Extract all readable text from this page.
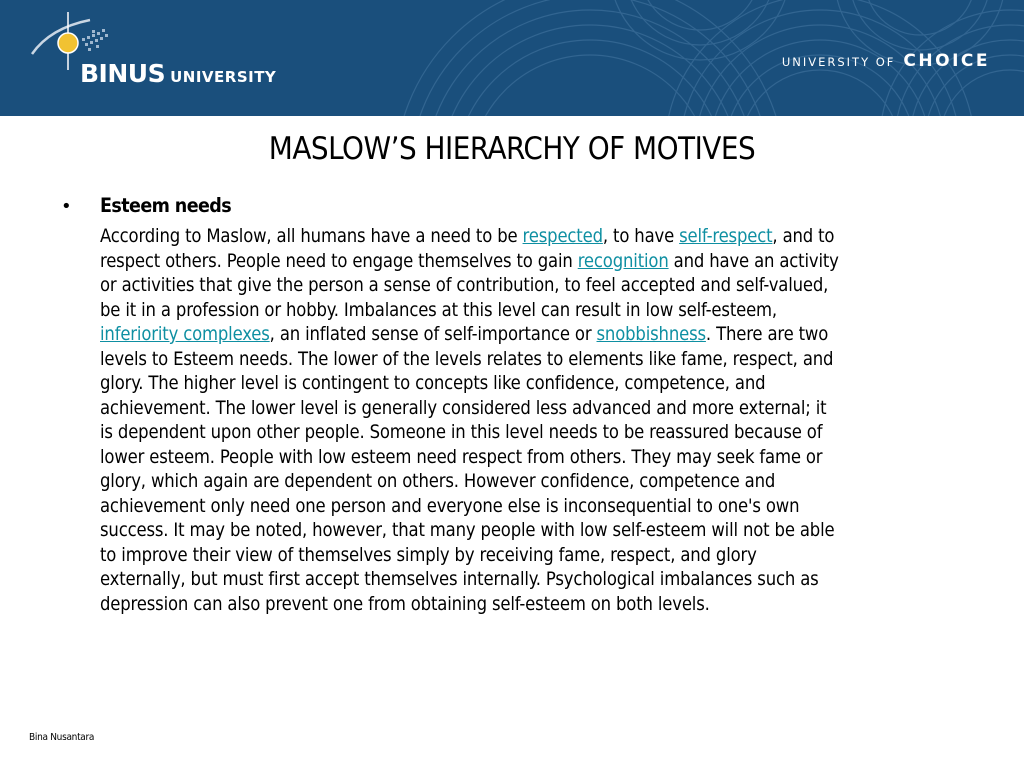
BINUS UNIVERSITY
UNIVERSITY OF CHOICE
MASLOW’S HIERARCHY OF MOTIVES
• Esteem needs
According to Maslow, all humans have a need to be respected, to have self-respect, and to
respect others. People need to engage themselves to gain recognition and have an activity
or activities that give the person a sense of contribution, to feel accepted and self-valued,
be it in a profession or hobby. Imbalances at this level can result in low self-esteem,
inferiority complexes, an inflated sense of self-importance or snobbishness. There are two
levels to Esteem needs. The lower of the levels relates to elements like fame, respect, and
glory. The higher level is contingent to concepts like confidence, competence, and
achievement. The lower level is generally considered less advanced and more external; it
is dependent upon other people. Someone in this level needs to be reassured because of
lower esteem. People with low esteem need respect from others. They may seek fame or
glory, which again are dependent on others. However confidence, competence and
achievement only need one person and everyone else is inconsequential to one's own
success. It may be noted, however, that many people with low self-esteem will not be able
to improve their view of themselves simply by receiving fame, respect, and glory
externally, but must first accept themselves internally. Psychological imbalances such as
depression can also prevent one from obtaining self-esteem on both levels.
Bina Nusantara
